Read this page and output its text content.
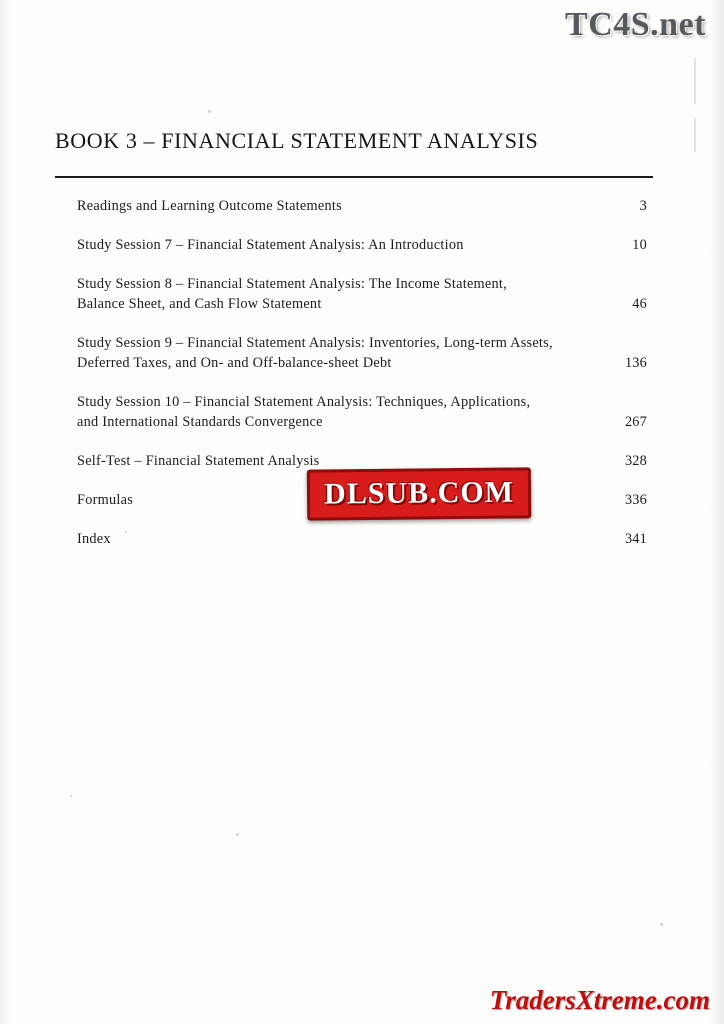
TC4S.net
BOOK 3 – FINANCIAL STATEMENT ANALYSIS
Readings and Learning Outcome Statements	3
Study Session 7 – Financial Statement Analysis: An Introduction	10
Study Session 8 – Financial Statement Analysis: The Income Statement,
Balance Sheet, and Cash Flow Statement	46
Study Session 9 – Financial Statement Analysis: Inventories, Long-term Assets,
Deferred Taxes, and On- and Off-balance-sheet Debt	136
Study Session 10 – Financial Statement Analysis: Techniques, Applications,
and International Standards Convergence	267
Self-Test – Financial Statement Analysis	328
Formulas	336
Index	341
DLSUB.COM
TradersXtreme.com
